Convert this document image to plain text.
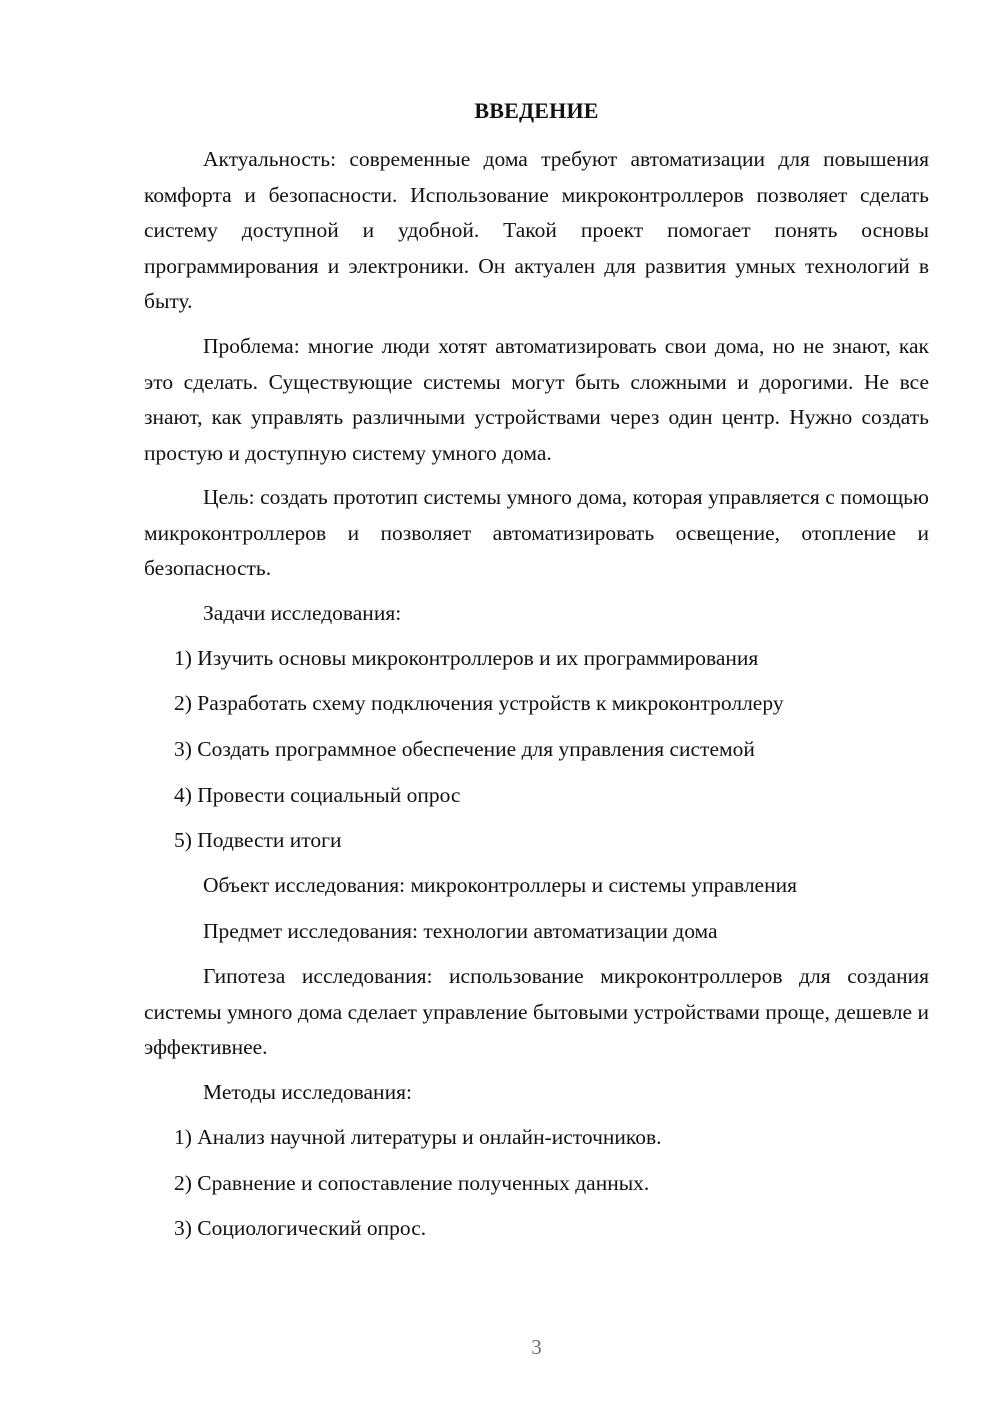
ВВЕДЕНИЕ

Актуальность: современные дома требуют автоматизации для повышения комфорта и безопасности. Использование микроконтроллеров позволяет сделать систему доступной и удобной. Такой проект помогает понять основы программирования и электроники. Он актуален для развития умных технологий в быту.

Проблема: многие люди хотят автоматизировать свои дома, но не знают, как это сделать. Существующие системы могут быть сложными и дорогими. Не все знают, как управлять различными устройствами через один центр. Нужно создать простую и доступную систему умного дома.

Цель: создать прототип системы умного дома, которая управляется с помощью микроконтроллеров и позволяет автоматизировать освещение, отопление и безопасность.

Задачи исследования:

1) Изучить основы микроконтроллеров и их программирования

2) Разработать схему подключения устройств к микроконтроллеру

3) Создать программное обеспечение для управления системой

4) Провести социальный опрос

5) Подвести итоги

Объект исследования: микроконтроллеры и системы управления

Предмет исследования: технологии автоматизации дома

Гипотеза исследования: использование микроконтроллеров для создания системы умного дома сделает управление бытовыми устройствами проще, дешевле и эффективнее.

Методы исследования:

1) Анализ научной литературы и онлайн-источников.

2) Сравнение и сопоставление полученных данных.

3) Социологический опрос.

3
